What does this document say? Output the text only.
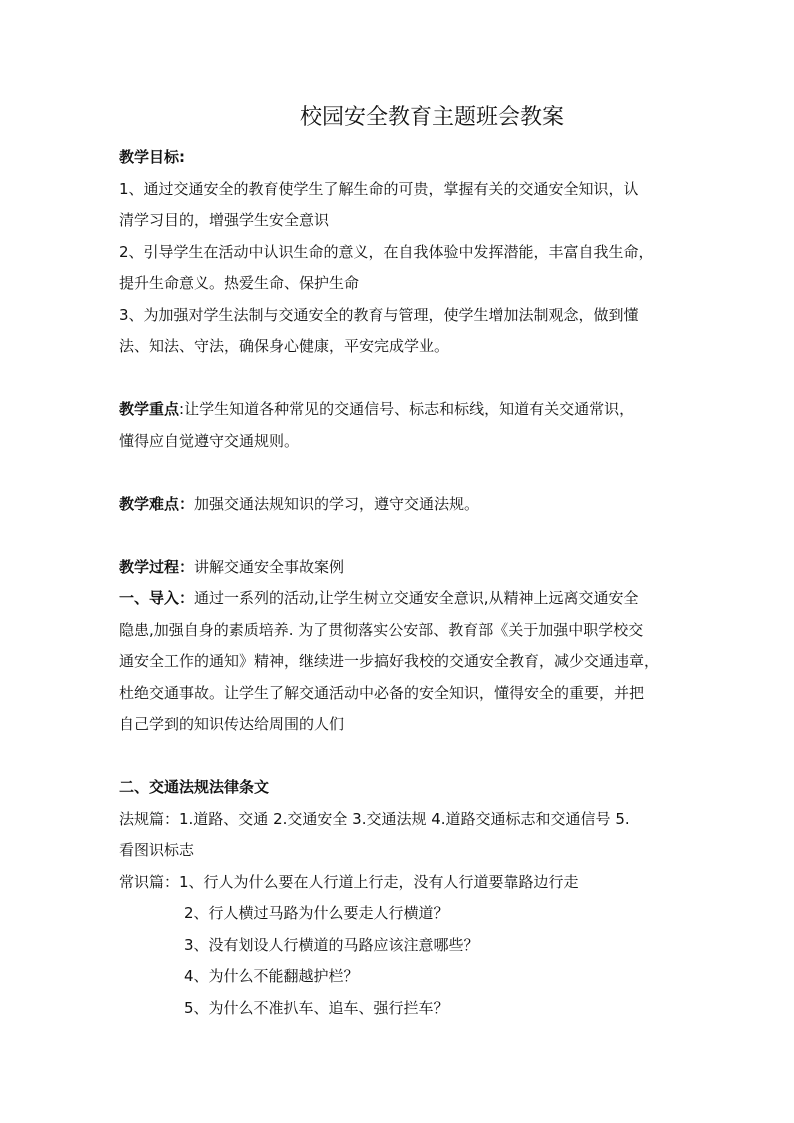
校园安全教育主题班会教案
教学目标:
1、通过交通安全的教育使学生了解生命的可贵，掌握有关的交通安全知识，认
清学习目的，增强学生安全意识
2、引导学生在活动中认识生命的意义，在自我体验中发挥潜能，丰富自我生命，
提升生命意义。热爱生命、保护生命
3、为加强对学生法制与交通安全的教育与管理，使学生增加法制观念，做到懂
法、知法、守法，确保身心健康，平安完成学业。
教学重点:让学生知道各种常见的交通信号、标志和标线，知道有关交通常识，
懂得应自觉遵守交通规则。
教学难点：加强交通法规知识的学习，遵守交通法规。
教学过程：讲解交通安全事故案例
一、导入：通过一系列的活动,让学生树立交通安全意识,从精神上远离交通安全
隐患,加强自身的素质培养. 为了贯彻落实公安部、教育部《关于加强中职学校交
通安全工作的通知》精神，继续进一步搞好我校的交通安全教育，减少交通违章，
杜绝交通事故。让学生了解交通活动中必备的安全知识，懂得安全的重要，并把
自己学到的知识传达给周围的人们
二、交通法规法律条文
法规篇：1.道路、交通 2.交通安全 3.交通法规 4.道路交通标志和交通信号 5.
看图识标志
常识篇：1、行人为什么要在人行道上行走，没有人行道要靠路边行走
2、行人横过马路为什么要走人行横道？
3、没有划设人行横道的马路应该注意哪些？
4、为什么不能翻越护栏？
5、为什么不准扒车、追车、强行拦车？
